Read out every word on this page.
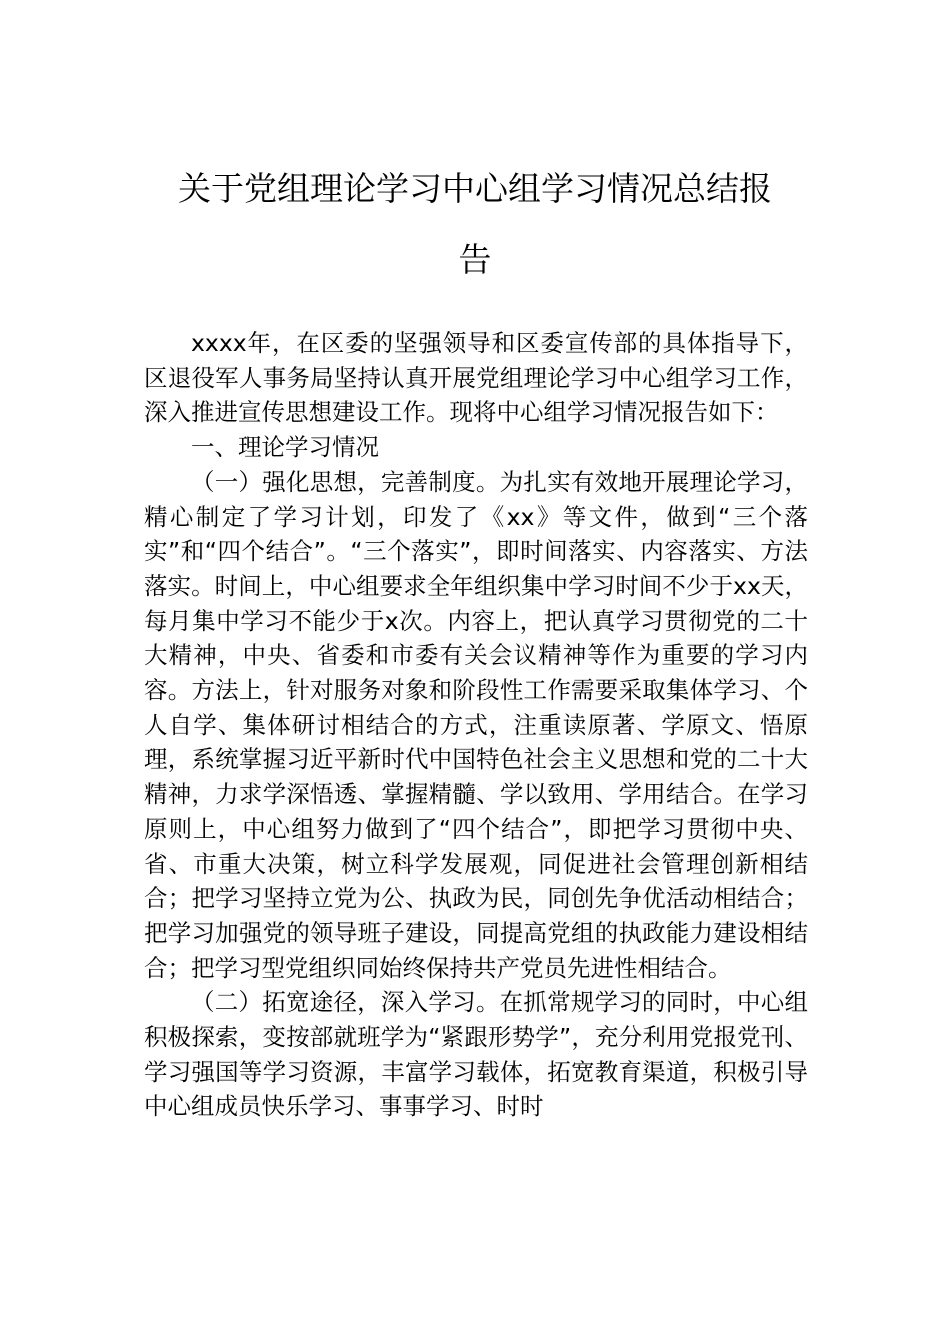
关于党组理论学习中心组学习情况总结报
告

xxxx年，在区委的坚强领导和区委宣传部的具体指导下，区退役军人事务局坚持认真开展党组理论学习中心组学习工作，深入推进宣传思想建设工作。现将中心组学习情况报告如下：

一、理论学习情况

（一）强化思想，完善制度。为扎实有效地开展理论学习，精心制定了学习计划，印发了《xx》等文件，做到“三个落实”和“四个结合”。“三个落实”，即时间落实、内容落实、方法落实。时间上，中心组要求全年组织集中学习时间不少于xx天，每月集中学习不能少于x次。内容上，把认真学习贯彻党的二十大精神，中央、省委和市委有关会议精神等作为重要的学习内容。方法上，针对服务对象和阶段性工作需要采取集体学习、个人自学、集体研讨相结合的方式，注重读原著、学原文、悟原理，系统掌握习近平新时代中国特色社会主义思想和党的二十大精神，力求学深悟透、掌握精髓、学以致用、学用结合。在学习原则上，中心组努力做到了“四个结合”，即把学习贯彻中央、省、市重大决策，树立科学发展观，同促进社会管理创新相结合；把学习坚持立党为公、执政为民，同创先争优活动相结合；把学习加强党的领导班子建设，同提高党组的执政能力建设相结合；把学习型党组织同始终保持共产党员先进性相结合。

（二）拓宽途径，深入学习。在抓常规学习的同时，中心组积极探索，变按部就班学为“紧跟形势学”，充分利用党报党刊、学习强国等学习资源，丰富学习载体，拓宽教育渠道，积极引导中心组成员快乐学习、事事学习、时时
